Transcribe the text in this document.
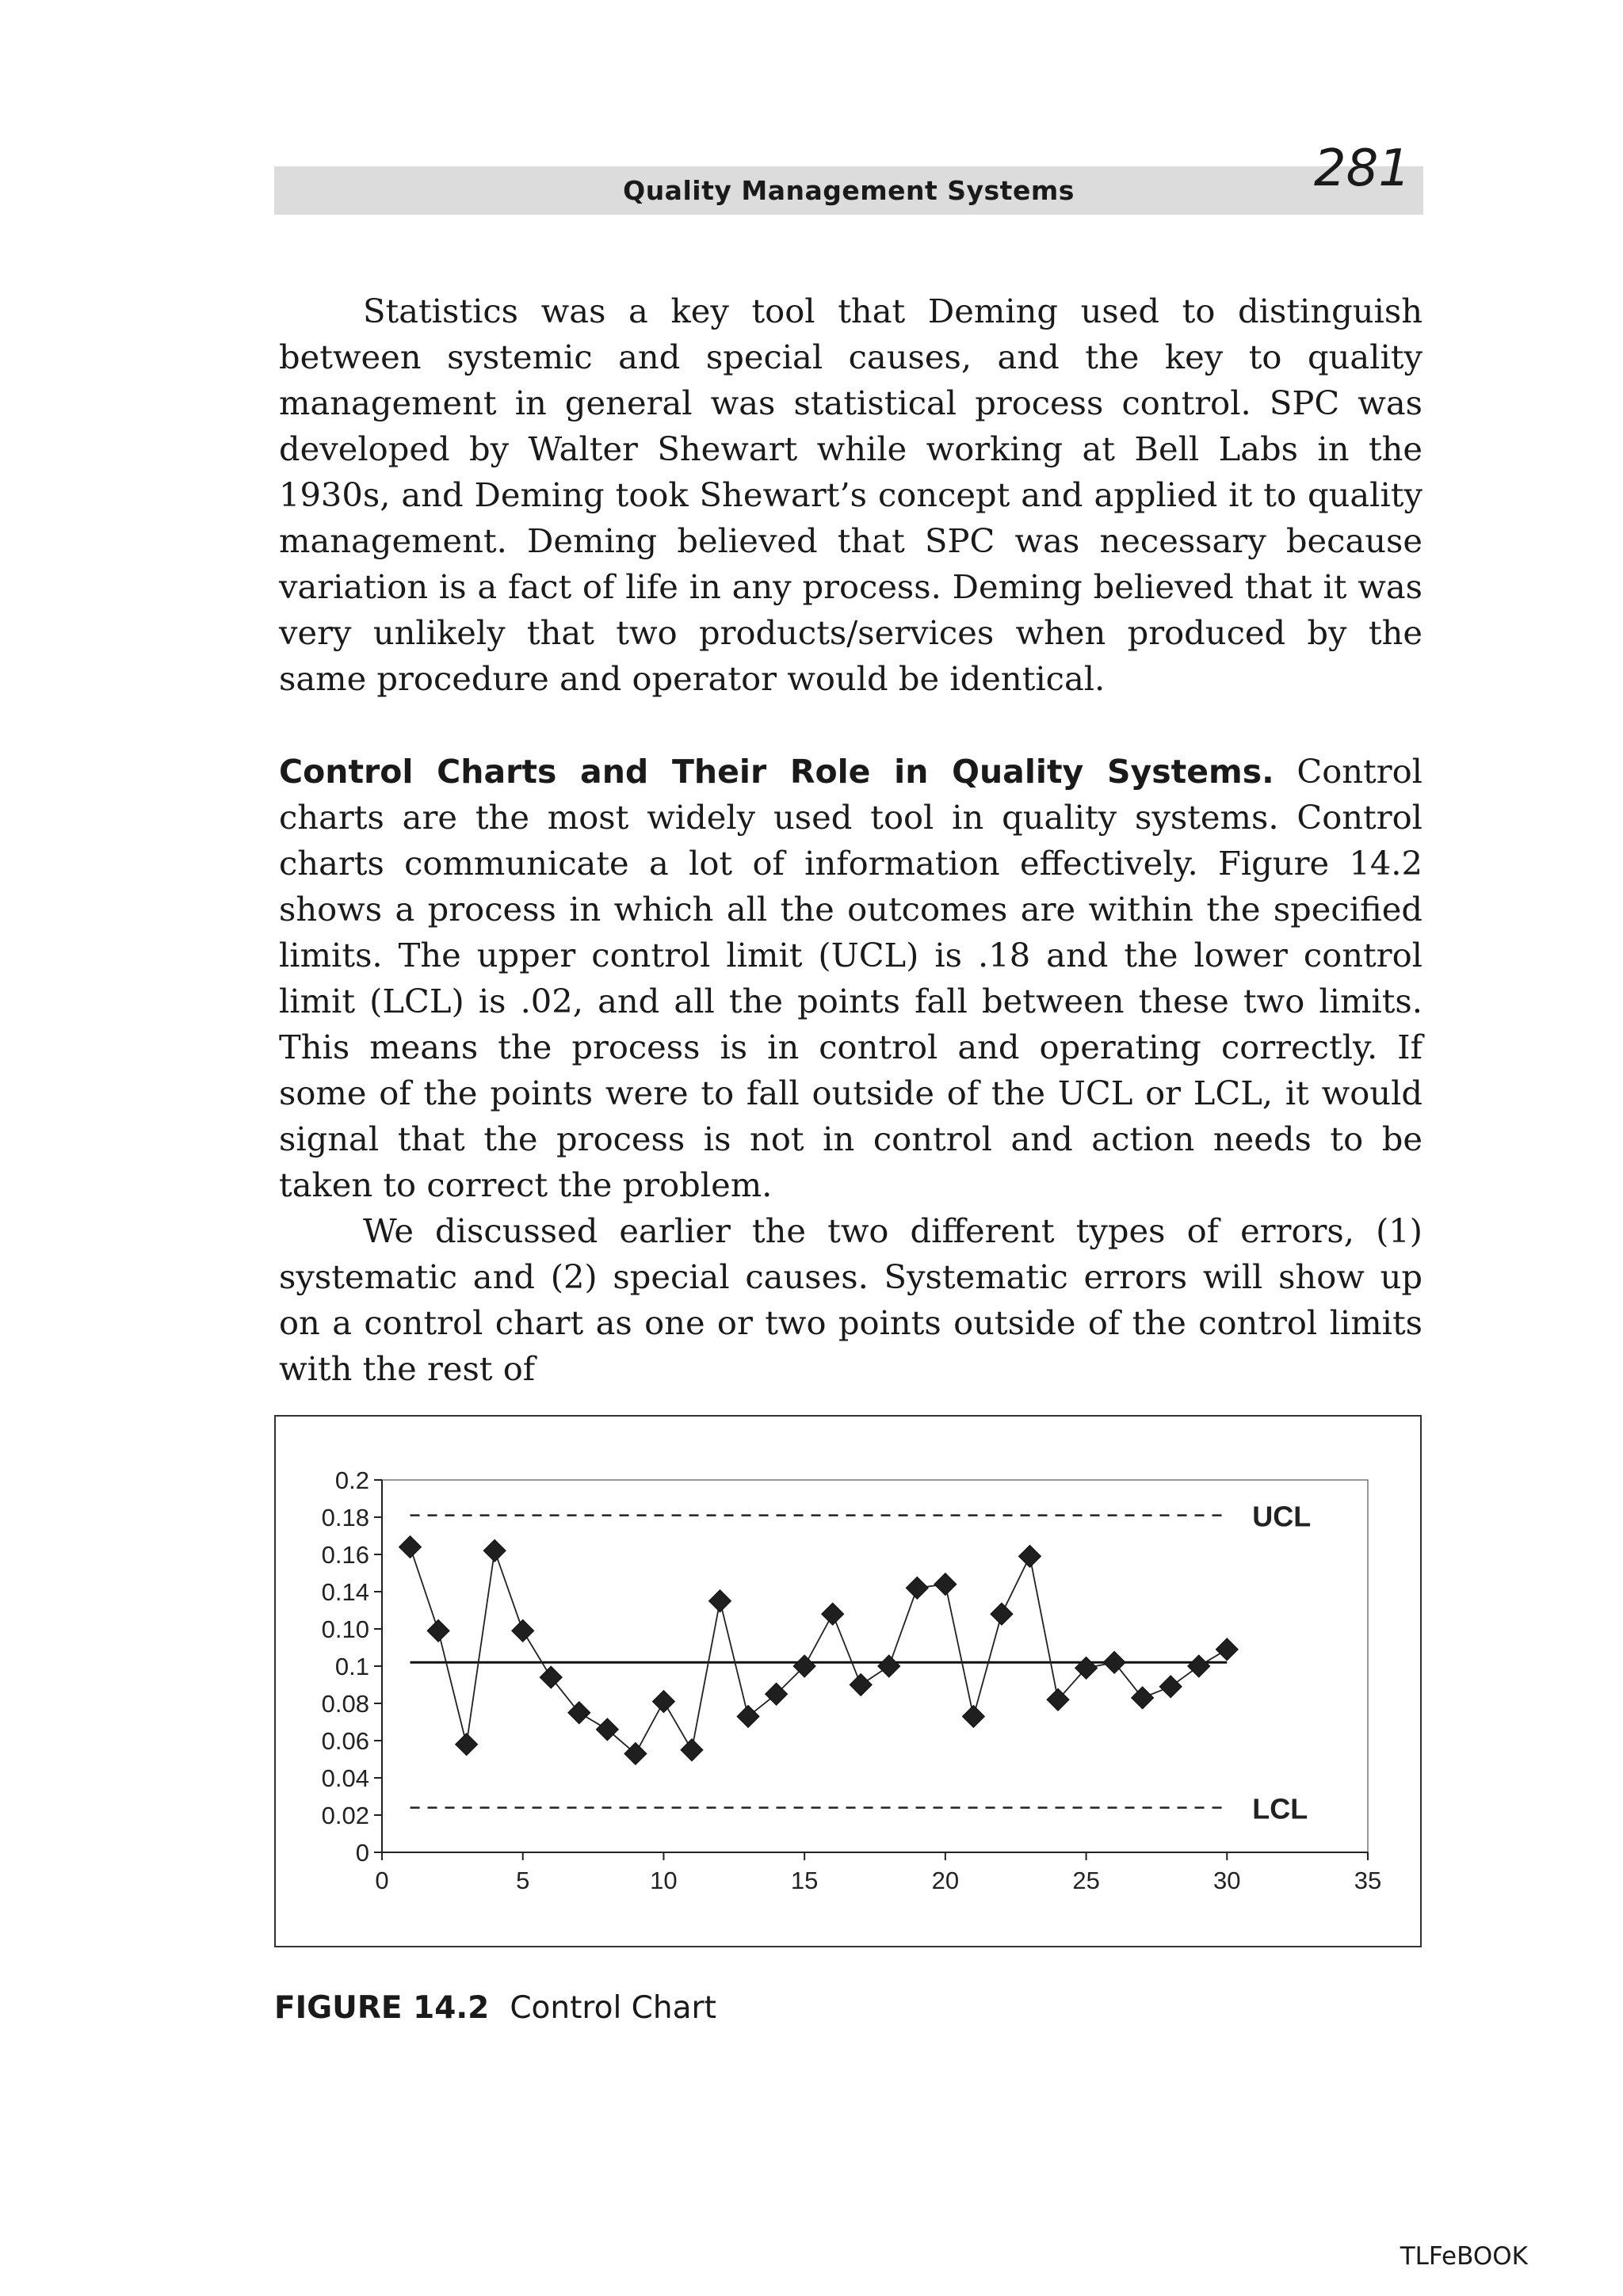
Quality Management Systems	281

Statistics was a key tool that Deming used to distinguish between systemic and special causes, and the key to quality management in general was statistical process control. SPC was developed by Walter Shewart while working at Bell Labs in the 1930s, and Deming took Shewart’s concept and applied it to quality management. Deming believed that SPC was necessary because variation is a fact of life in any process. Deming believed that it was very unlikely that two products/services when produced by the same procedure and operator would be identical.

Control Charts and Their Role in Quality Systems. Control charts are the most widely used tool in quality systems. Control charts communicate a lot of information effectively. Figure 14.2 shows a process in which all the outcomes are within the specified limits. The upper control limit (UCL) is .18 and the lower control limit (LCL) is .02, and all the points fall between these two limits. This means the process is in control and operating correctly. If some of the points were to fall outside of the UCL or LCL, it would signal that the process is not in control and action needs to be taken to correct the problem.

We discussed earlier the two different types of errors, (1) systematic and (2) special causes. Systematic errors will show up on a control chart as one or two points outside of the control limits with the rest of

0
0.02
0.04
0.06
0.08
0.1
0.10
0.14
0.16
0.18
0.2
0	5	10	15	20	25	30	35
UCL
LCL
FIGURE 14.2 Control Chart
TLFeBOOK
